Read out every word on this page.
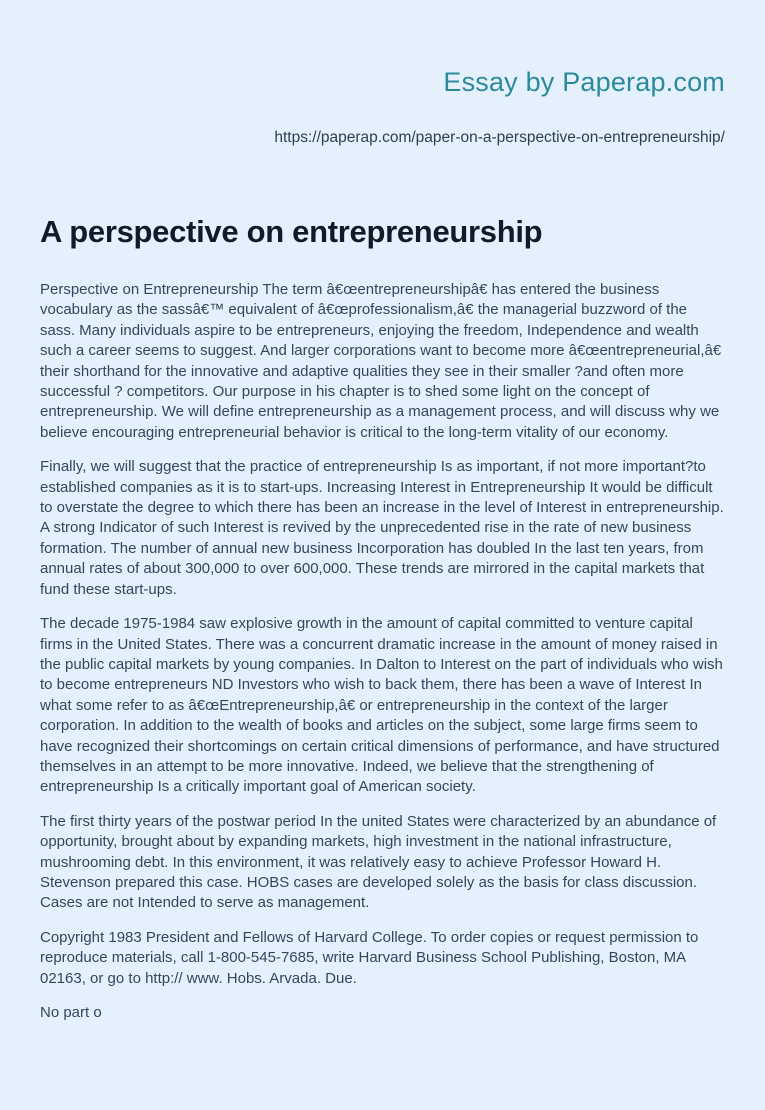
Essay by Paperap.com
https://paperap.com/paper-on-a-perspective-on-entrepreneurship/
A perspective on entrepreneurship

Perspective on Entrepreneurship The term â€œentrepreneurshipâ€ has entered the business vocabulary as the sassâ€™ equivalent of â€œprofessionalism,â€ the managerial buzzword of the sass. Many individuals aspire to be entrepreneurs, enjoying the freedom, Independence and wealth such a career seems to suggest. And larger corporations want to become more â€œentrepreneurial,â€ their shorthand for the innovative and adaptive qualities they see in their smaller ?and often more successful ? competitors. Our purpose in his chapter is to shed some light on the concept of entrepreneurship. We will define entrepreneurship as a management process, and will discuss why we believe encouraging entrepreneurial behavior is critical to the long-term vitality of our economy.

Finally, we will suggest that the practice of entrepreneurship Is as important, if not more important?to established companies as it is to start-ups. Increasing Interest in Entrepreneurship It would be difficult to overstate the degree to which there has been an increase in the level of Interest in entrepreneurship. A strong Indicator of such Interest is revived by the unprecedented rise in the rate of new business formation. The number of annual new business Incorporation has doubled In the last ten years, from annual rates of about 300,000 to over 600,000. These trends are mirrored in the capital markets that fund these start-ups.

The decade 1975-1984 saw explosive growth in the amount of capital committed to venture capital firms in the United States. There was a concurrent dramatic increase in the amount of money raised in the public capital markets by young companies. In Dalton to Interest on the part of individuals who wish to become entrepreneurs ND Investors who wish to back them, there has been a wave of Interest In what some refer to as â€œEntrepreneurship,â€ or entrepreneurship in the context of the larger corporation. In addition to the wealth of books and articles on the subject, some large firms seem to have recognized their shortcomings on certain critical dimensions of performance, and have structured themselves in an attempt to be more innovative. Indeed, we believe that the strengthening of entrepreneurship Is a critically important goal of American society.

The first thirty years of the postwar period In the united States were characterized by an abundance of opportunity, brought about by expanding markets, high investment in the national infrastructure, mushrooming debt. In this environment, it was relatively easy to achieve Professor Howard H. Stevenson prepared this case. HOBS cases are developed solely as the basis for class discussion. Cases are not Intended to serve as management.

Copyright 1983 President and Fellows of Harvard College. To order copies or request permission to reproduce materials, call 1-800-545-7685, write Harvard Business School Publishing, Boston, MA 02163, or go to http:// www. Hobs. Arvada. Due.

No part o
